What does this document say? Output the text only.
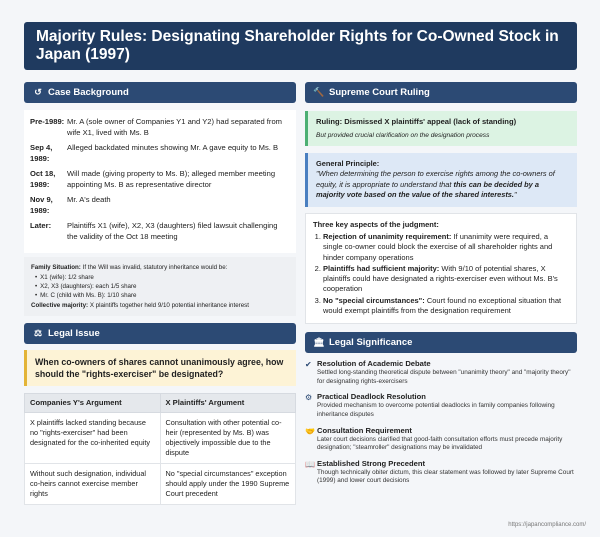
Majority Rules: Designating Shareholder Rights for Co-Owned Stock in Japan (1997)
↺ Case Background
Pre-1989: Mr. A (sole owner of Companies Y1 and Y2) had separated from wife X1, lived with Ms. B
Sep 4, 1989:
Alleged backdated minutes showing Mr. A gave equity to Ms. B
Oct 18, 1989:
Will made (giving property to Ms. B); alleged member meeting appointing Ms. B as representative director
Nov 9, 1989:
Mr. A's death
Later:	Plaintiffs X1 (wife), X2, X3 (daughters) filed lawsuit challenging the validity of the Oct 18 meeting
Family Situation: If the Will was invalid, statutory inheritance would be:
• X1 (wife): 1/2 share
• X2, X3 (daughters): each 1/5 share
• Mr. C (child with Ms. B): 1/10 share
Collective majority: X plaintiffs together held 9/10 potential inheritance interest
⚖ Legal Issue
When co-owners of shares cannot unanimously agree, how should the "rights-exerciser" be designated?
Companies Y's Argument	X Plaintiffs' Argument
X plaintiffs lacked standing because no "rights-exerciser" had been designated for the co-inherited equity	Consultation with other potential co-heir (represented by Ms. B) was objectively impossible due to the dispute
Without such designation, individual co-heirs cannot exercise member rights	No "special circumstances" exception should apply under the 1990 Supreme Court precedent
🔨 Supreme Court Ruling
Ruling: Dismissed X plaintiffs' appeal (lack of standing)
But provided crucial clarification on the designation process
General Principle:
"When determining the person to exercise rights among the co-owners of equity, it is appropriate to understand that this can be decided by a majority vote based on the value of the shared interests."
Three key aspects of the judgment:
1. Rejection of unanimity requirement: If unanimity were required, a single co-owner could block the exercise of all shareholder rights and hinder company operations
2. Plaintiffs had sufficient majority: With 9/10 of potential shares, X plaintiffs could have designated a rights-exerciser even without Ms. B's cooperation
3. No "special circumstances": Court found no exceptional situation that would exempt plaintiffs from the designation requirement
🏛 Legal Significance
✔ Resolution of Academic Debate
Settled long-standing theoretical dispute between "unanimity theory" and "majority theory" for designating rights-exercisers
⚙ Practical Deadlock Resolution
Provided mechanism to overcome potential deadlocks in family companies following inheritance disputes
🤝 Consultation Requirement
Later court decisions clarified that good-faith consultation efforts must precede majority designation; "steamroller" designations may be invalidated
📖 Established Strong Precedent
Though technically obiter dictum, this clear statement was followed by later Supreme Court (1999) and lower court decisions
https://japancompliance.com/
